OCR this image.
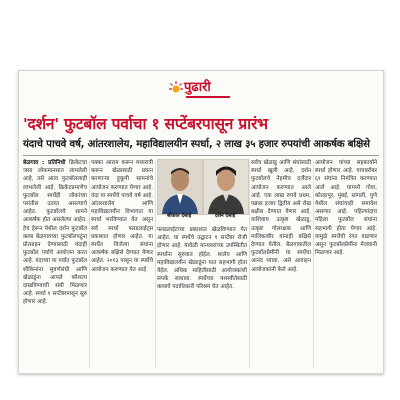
पुढारी
'दर्शन' फुटबॉल पर्वाचा १ सप्टेंबरपासून प्रारंभ
यंदाचे पाचवे वर्ष, आंतरशालेय, महाविद्यालयीन स्पर्धा, २ लाख ३५ हजार रुपयांची आकर्षक बक्षिसे
बेळगाव : प्रतिनिधी क्रिकेटचा जसा लोकमानसात लामलेली आहे, तसे आता फुटबॉललाही लाभलेली आहे. क्रिकेटप्रमाणेच फुटबॉल स्पर्धेही लोकांच्या पसंतीस उतरत असल्याचे आहेत. फुटबॉलचे सामने आकर्षक होत असलेल्या आहेत. हेच हेरून येथील दर्शन फुटबॉल क्लब बेळगावच्या फुटबॉलपटूंना प्रोत्साहन देण्यासाठी यंदाही फुटबॉल पर्वाचे आयोजन करत आहे. यंदाच्या या पर्वात फुटबॉल शौकिनांना सुवर्णसंधी आणि खेळाडूंना आपले कौशल्य दाखविण्याची संधी मिळणार आहे. स्पर्धा १ सप्टेंबरपासून सुरु होणार आहे.
पक्का आराम करून मध्यरात्री करून खेळासाठी प्रयत्न करणाऱ्या हुकूमी सामनांचे आयोजन करण्यात येणार आहे. यंदा या स्पर्धेचे पाचवे वर्ष आहे. आंतरशालेय आणि महाविद्यालयीन विभागात या स्पर्धा भरविण्यात येत असून सर्व स्पर्धा फ्लडलाईट्स प्रकाशात होणार आहेत. या स्पर्धेत विजेत्या संघांना आकर्षक बक्षिसे देण्यात येणार आहेत. २०१३ पासून या स्पर्धेचे आयोजन करण्यात येत आहे.
श्रीकांत देसाई	दर्शन देसाई
फ्लडलाईटच्या प्रकाशात खेळविण्यात येत आहेत. या स्पर्धेचे उद्घाटन १ सप्टेंबर रोजी होणार आहे. यावेळी मान्यवरांच्या उपस्थितीत स्पर्धांना सुरुवात होईल. शालेय आणि महाविद्यालयीन खेळाडूंना यात सहभागी होता येईल. अधिक माहितीसाठी आयोजकांशी संपर्क साधावा. स्पर्धेच्या यशस्वीतेसाठी क्लबचे पदाधिकारी परिश्रम घेत आहेत.
सर्वच खेळाडू आणि संघांसाठी स्पर्धा खुली आहे. दर्शन फुटबॉलचे नेहमीच दर्जेदार आयोजन करण्यात आले आहे. एक लाख रुपये प्रथम, पन्नास हजार द्वितीय असे रोख बक्षीस देण्यात येणार आहे. याशिवाय उत्कृष्ट खेळाडू, उत्कृष्ट गोलरक्षक आणि मालिकावीर यांनाही बक्षिसे देण्यात येतील. बेळगावातील फुटबॉलप्रेमींनी या स्पर्धेचा आनंद घ्यावा, असे आवाहन आयोजकांनी केले आहे.
आयोजन यांच्या सहकार्याने स्पर्धा होणार आहे. याचबरोबर ६१ संघांना निमंत्रित करण्यात आले आहे. यामध्ये गोवा, कोल्हापूर, मुंबई, सांगली, पुणे येथील संघांचाही समावेश असणार आहे. पहिल्यांदाच महिला फुटबॉल संघांना सहभागी होता येणार आहे. यामुळे स्पर्धेची रंगत वाढणार असून फुटबॉलप्रेमींना मेजवानी मिळणार आहे.
